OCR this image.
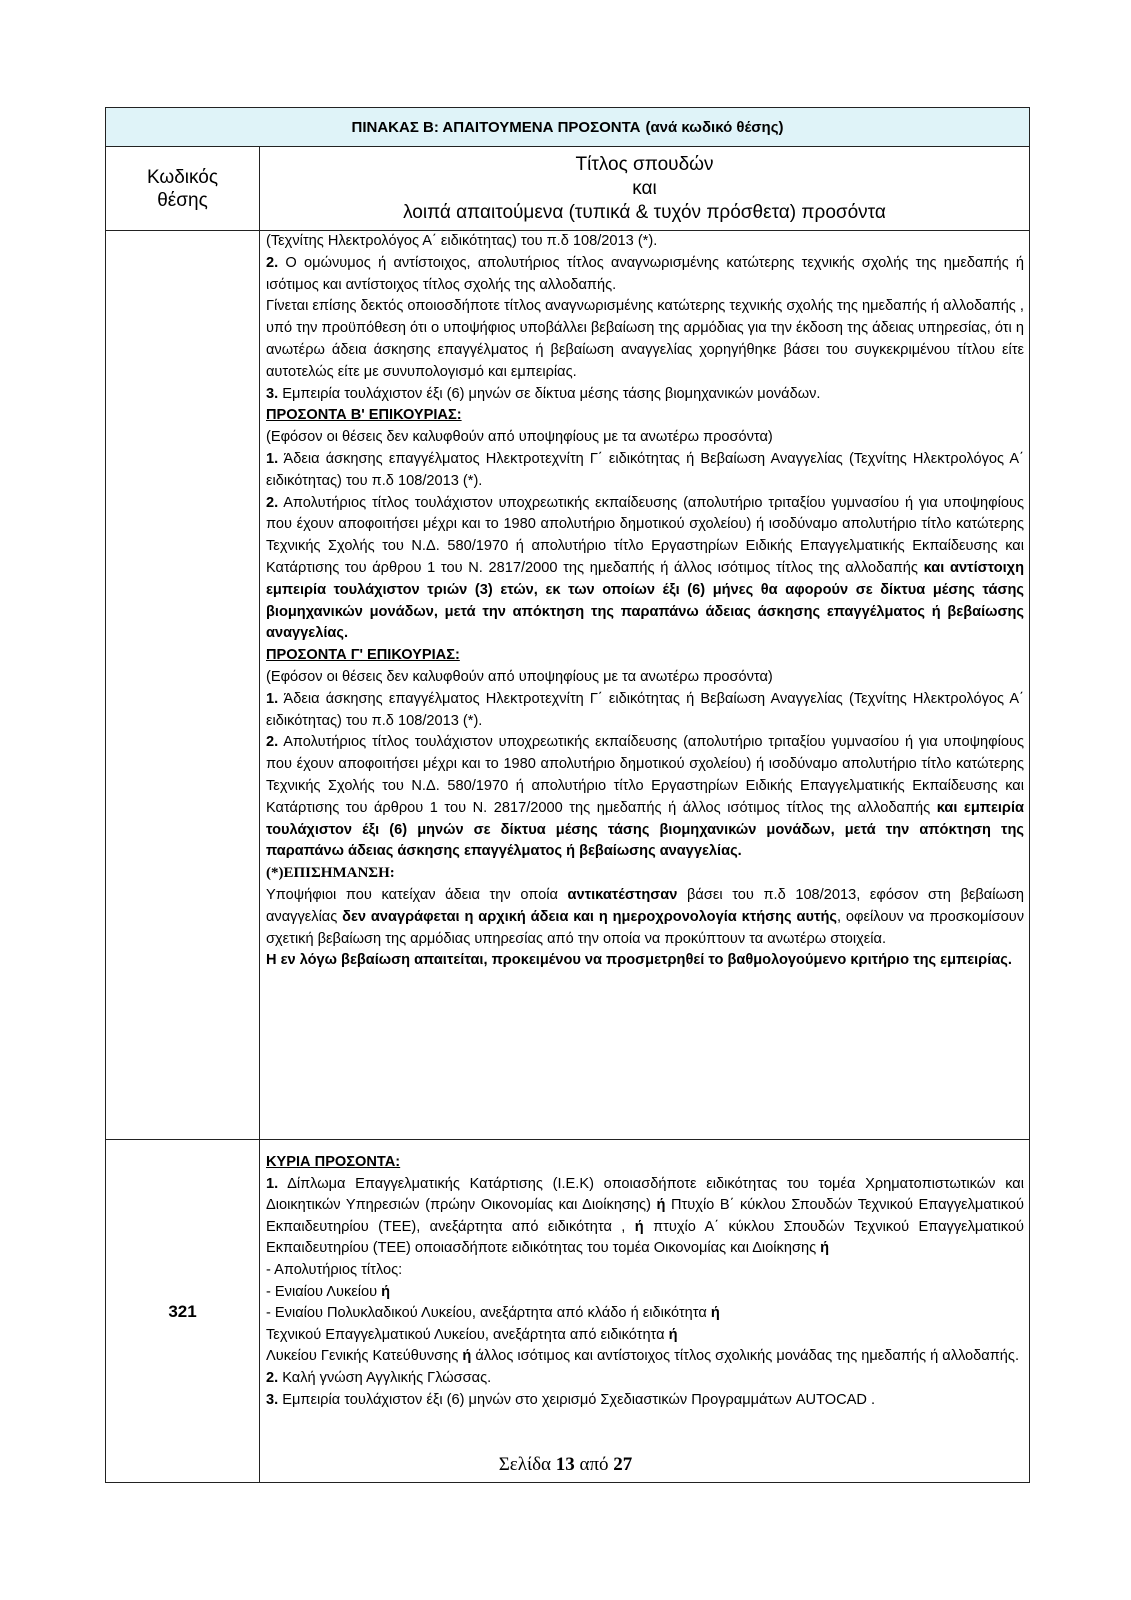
ΠΙΝΑΚΑΣ Β: ΑΠΑΙΤΟΥΜΕΝΑ ΠΡΟΣΟΝΤΑ (ανά κωδικό θέσης)
Κωδικός
θέσης
Τίτλος σπουδών
και
λοιπά απαιτούμενα (τυπικά & τυχόν πρόσθετα) προσόντα

(Τεχνίτης Ηλεκτρολόγος Α΄ ειδικότητας) του π.δ 108/2013 (*).

2. Ο ομώνυμος ή αντίστοιχος, απολυτήριος τίτλος αναγνωρισμένης κατώτερης τεχνικής σχολής της ημεδαπής ή ισότιμος και αντίστοιχος τίτλος σχολής της αλλοδαπής.

Γίνεται επίσης δεκτός οποιοσδήποτε τίτλος αναγνωρισμένης κατώτερης τεχνικής σχολής της ημεδαπής ή αλλοδαπής , υπό την προϋπόθεση ότι ο υποψήφιος υποβάλλει βεβαίωση της αρμόδιας για την έκδοση της άδειας υπηρεσίας, ότι η ανωτέρω άδεια άσκησης επαγγέλματος ή βεβαίωση αναγγελίας χορηγήθηκε βάσει του συγκεκριμένου τίτλου είτε αυτοτελώς είτε με συνυπολογισμό και εμπειρίας.

3. Εμπειρία τουλάχιστον έξι (6) μηνών σε δίκτυα μέσης τάσης βιομηχανικών μονάδων.

ΠΡΟΣΟΝΤΑ Β' ΕΠΙΚΟΥΡΙΑΣ:

(Εφόσον οι θέσεις δεν καλυφθούν από υποψηφίους με τα ανωτέρω προσόντα)

1. Άδεια άσκησης επαγγέλματος Ηλεκτροτεχνίτη Γ΄ ειδικότητας ή Βεβαίωση Αναγγελίας (Τεχνίτης Ηλεκτρολόγος Α΄ ειδικότητας) του π.δ 108/2013 (*).

2. Απολυτήριος τίτλος τουλάχιστον υποχρεωτικής εκπαίδευσης (απολυτήριο τριταξίου γυμνασίου ή για υποψηφίους που έχουν αποφοιτήσει μέχρι και το 1980 απολυτήριο δημοτικού σχολείου) ή ισοδύναμο απολυτήριο τίτλο κατώτερης Τεχνικής Σχολής του Ν.Δ. 580/1970 ή απολυτήριο τίτλο Εργαστηρίων Ειδικής Επαγγελματικής Εκπαίδευσης και Κατάρτισης του άρθρου 1 του Ν. 2817/2000 της ημεδαπής ή άλλος ισότιμος τίτλος της αλλοδαπής και αντίστοιχη εμπειρία τουλάχιστον τριών (3) ετών, εκ των οποίων έξι (6) μήνες θα αφορούν σε δίκτυα μέσης τάσης βιομηχανικών μονάδων, μετά την απόκτηση της παραπάνω άδειας άσκησης επαγγέλματος ή βεβαίωσης αναγγελίας.

ΠΡΟΣΟΝΤΑ Γ' ΕΠΙΚΟΥΡΙΑΣ:

(Εφόσον οι θέσεις δεν καλυφθούν από υποψηφίους με τα ανωτέρω προσόντα)

1. Άδεια άσκησης επαγγέλματος Ηλεκτροτεχνίτη Γ΄ ειδικότητας ή Βεβαίωση Αναγγελίας (Τεχνίτης Ηλεκτρολόγος Α΄ ειδικότητας) του π.δ 108/2013 (*).

2. Απολυτήριος τίτλος τουλάχιστον υποχρεωτικής εκπαίδευσης (απολυτήριο τριταξίου γυμνασίου ή για υποψηφίους που έχουν αποφοιτήσει μέχρι και το 1980 απολυτήριο δημοτικού σχολείου) ή ισοδύναμο απολυτήριο τίτλο κατώτερης Τεχνικής Σχολής του Ν.Δ. 580/1970 ή απολυτήριο τίτλο Εργαστηρίων Ειδικής Επαγγελματικής Εκπαίδευσης και Κατάρτισης του άρθρου 1 του Ν. 2817/2000 της ημεδαπής ή άλλος ισότιμος τίτλος της αλλοδαπής και εμπειρία τουλάχιστον έξι (6) μηνών σε δίκτυα μέσης τάσης βιομηχανικών μονάδων, μετά την απόκτηση της παραπάνω άδειας άσκησης επαγγέλματος ή βεβαίωσης αναγγελίας.

(*)ΕΠΙΣΗΜΑΝΣΗ:

Υποψήφιοι που κατείχαν άδεια την οποία αντικατέστησαν βάσει του π.δ 108/2013, εφόσον στη βεβαίωση αναγγελίας δεν αναγράφεται η αρχική άδεια και η ημερoχρονολογία κτήσης αυτής, οφείλουν να προσκομίσουν σχετική βεβαίωση της αρμόδιας υπηρεσίας από την οποία να προκύπτουν τα ανωτέρω στοιχεία.

Η εν λόγω βεβαίωση απαιτείται, προκειμένου να προσμετρηθεί το βαθμολογούμενο κριτήριο της εμπειρίας.

321

ΚΥΡΙΑ ΠΡΟΣΟΝΤΑ:

1. Δίπλωμα Επαγγελματικής Κατάρτισης (Ι.Ε.Κ) οποιασδήποτε ειδικότητας του τομέα Χρηματοπιστωτικών και Διοικητικών Υπηρεσιών (πρώην Οικονομίας και Διοίκησης) ή Πτυχίο Β΄ κύκλου Σπουδών Τεχνικού Επαγγελματικού Εκπαιδευτηρίου (ΤΕΕ), ανεξάρτητα από ειδικότητα , ή πτυχίο Α΄ κύκλου Σπουδών Τεχνικού Επαγγελματικού Εκπαιδευτηρίου (ΤΕΕ) οποιασδήποτε ειδικότητας του τομέα Οικονομίας και Διοίκησης ή

- Απολυτήριος τίτλος:

- Ενιαίου Λυκείου ή

- Ενιαίου Πολυκλαδικού Λυκείου, ανεξάρτητα από κλάδο ή ειδικότητα ή

Τεχνικού Επαγγελματικού Λυκείου, ανεξάρτητα από ειδικότητα ή

Λυκείου Γενικής Κατεύθυνσης ή άλλος ισότιμος και αντίστοιχος τίτλος σχολικής μονάδας της ημεδαπής ή αλλοδαπής.

2. Καλή γνώση Αγγλικής Γλώσσας.

3. Εμπειρία τουλάχιστον έξι (6) μηνών στο χειρισμό Σχεδιαστικών Προγραμμάτων AUTOCAD .

Σελίδα 13 από 27
